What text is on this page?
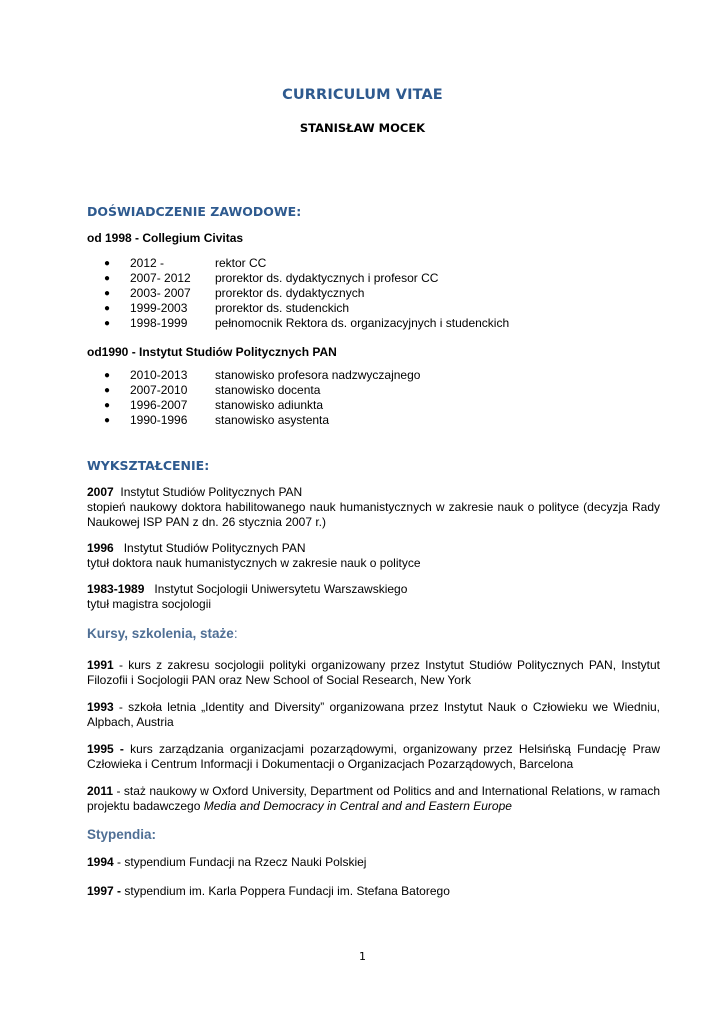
CURRICULUM VITAE
STANISŁAW MOCEK
DOŚWIADCZENIE ZAWODOWE:
od 1998 - Collegium Civitas
● 2012 -	rektor CC
● 2007- 2012 prorektor ds. dydaktycznych i profesor CC
● 2003- 2007 prorektor ds. dydaktycznych
● 1999-2003 prorektor ds. studenckich
● 1998-1999 pełnomocnik Rektora ds. organizacyjnych i studenckich
od1990 - Instytut Studiów Politycznych PAN
● 2010-2013 stanowisko profesora nadzwyczajnego
● 2007-2010 stanowisko docenta
● 1996-2007 stanowisko adiunkta
● 1990-1996 stanowisko asystenta
WYKSZTAŁCENIE:
2007 Instytut Studiów Politycznych PAN
stopień naukowy doktora habilitowanego nauk humanistycznych w zakresie nauk o polityce (decyzja Rady Naukowej ISP PAN z dn. 26 stycznia 2007 r.)
1996 Instytut Studiów Politycznych PAN
tytuł doktora nauk humanistycznych w zakresie nauk o polityce
1983-1989 Instytut Socjologii Uniwersytetu Warszawskiego
tytuł magistra socjologii
Kursy, szkolenia, staże:
1991 - kurs z zakresu socjologii polityki organizowany przez Instytut Studiów Politycznych PAN, Instytut Filozofii i Socjologii PAN oraz New School of Social Research, New York
1993 - szkoła letnia „Identity and Diversity” organizowana przez Instytut Nauk o Człowieku we Wiedniu, Alpbach, Austria
1995 - kurs zarządzania organizacjami pozarządowymi, organizowany przez Helsińską Fundację Praw Człowieka i Centrum Informacji i Dokumentacji o Organizacjach Pozarządowych, Barcelona
2011 - staż naukowy w Oxford University, Department od Politics and and International Relations, w ramach projektu badawczego Media and Democracy in Central and and Eastern Europe
Stypendia:
1994 - stypendium Fundacji na Rzecz Nauki Polskiej
1997 - stypendium im. Karla Poppera Fundacji im. Stefana Batorego
1
